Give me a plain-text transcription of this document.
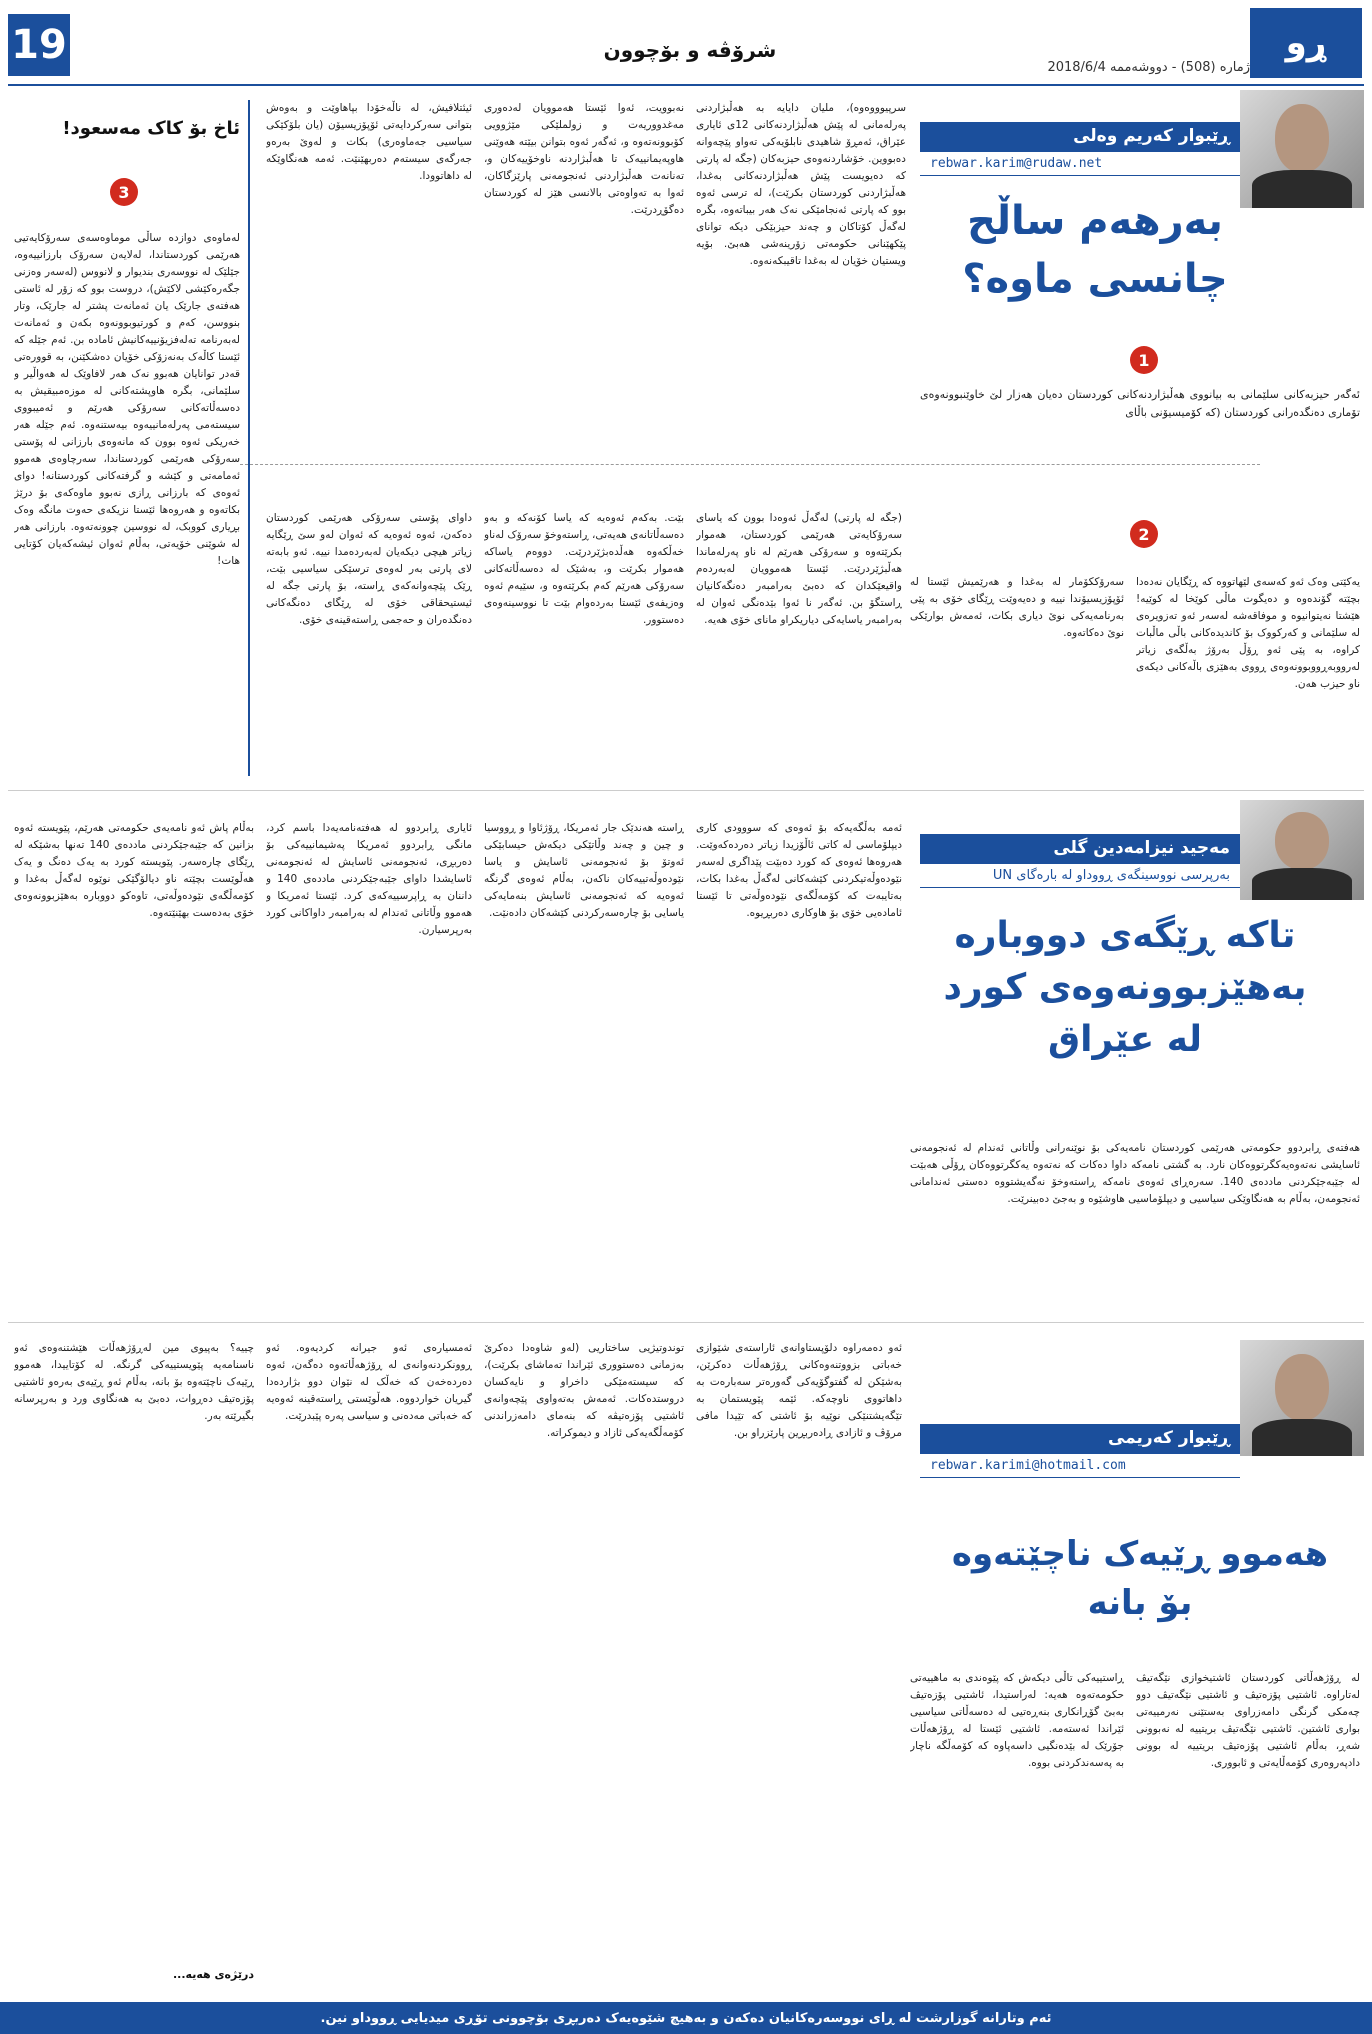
19	شرۆڤە و بۆچوون
ژمارە (508) - دووشەممە 2018/6/4
ړو
ڕێبوار کەریم وەلی
rebwar.karim@rudaw.net
بەرهەم ساڵح
چانسی ماوە؟
1
ئەگەر حیزبەکانی سلێمانی بە بیانووی هەڵبژاردنەکانی کوردستان دەیان هەزار لێ خاوێنبوونەوەی تۆماری دەنگدەرانی کوردستان (کە کۆمیسیۆنی باڵای
سرپیوووەوە)، ملیان دایایە بە هەڵبژاردنی پەرلەمانی لە پێش هەڵبژاردنەکانی 12ی ئایاری عێراق، ئەمڕۆ شاهیدی نابلۆیەکی تەواو پێچەوانە دەبووین. خۆشاردنەوەی حیزبەکان (جگە لە پارتی کە دەیویست پێش هەڵبژاردنەکانی بەغدا، هەڵبژاردنی کوردستان بکرێت)، لە ترسی ئەوە بوو کە پارتی ئەنجامێکی نەک هەر بیباتەوە، بگرە لەگەڵ کۆتاکان و چەند حیزبێکی دیکە توانای پێکهێنانی حکومەتی زۆرینەشی هەبێ. بۆیە ویستیان خۆیان لە بەغدا تاقیبکەنەوە.
نەبوویت، ئەوا ئێستا هەموویان لەدەوری مەغدووریەت و زولملێکی مێژوویی کۆبوونەتەوە و، ئەگەر ئەوە بتوانن بیێتە هەوێنی هاوپەیمانییەک تا هەڵبژاردنە ناوخۆییەکان و، تەنانەت هەڵبژاردنی ئەنجومەنی پارێزگاکان، ئەوا بە تەواوەتی بالانسی هێز لە کوردستان دەگۆڕدرێت.
ئیئتلافیش، لە ناڵەخۆدا بپاهاوێت و بەوەش بتوانی سەرکردایەتی ئۆپۆزیسیۆن (یان بلۆکێکی سیاسیی جەماوەری) بکات و لەوێ بەرەو جەرگەی سیستەم دەربهێنێت. ئەمە هەنگاوێکە لە داهاتوودا.
2
یەکێتی وەک ئەو کەسەی لێهاتووە کە ڕێگایان نەدەدا بچێتە گۆندەوە و دەیگوت ماڵی کوێخا لە کوێیە! هێشتا نەیتوانیوە و موفاقەشە لەسەر ئەو تەزویرەی لە سلێمانی و کەرکووک بۆ کاندیدەکانی باڵی ماڵبات کراوە، بە پێی ئەو ڕۆڵ بەرۆژ بەڵگەی زیاتر لەرووبەڕووبوونەوەی ڕووی بەهێزی باڵەکانی دیکەی ناو حیزب هەن.
سەرۆککۆمار لە بەغدا و هەرێمیش ئێستا لە ئۆپۆزیسیۆندا نییە و دەیەوێت ڕێگای خۆی بە پێی بەرنامەیەکی نوێ دیاری بکات، ئەمەش بوارێکی نوێ دەکاتەوە.
(جگە لە پارتی) لەگەڵ ئەوەدا بوون کە یاسای سەرۆکایەتی هەرێمی کوردستان، هەموار بکرێتەوە و سەرۆکی هەرێم لە ناو پەرلەماندا هەڵبژێردرێت. ئێستا هەموویان لەبەردەم واقیعێکدان کە دەبێ بەرامبەر دەنگەکانیان ڕاستگۆ بن. ئەگەر نا ئەوا بێدەنگی ئەوان لە بەرامبەر یاسایەکی دیاریکراو مانای خۆی هەیە.
بێت. بەکەم ئەوەیە کە یاسا کۆنەکە و بەو دەسەڵاتانەی هەیەتی، ڕاستەوخۆ سەرۆک لەناو خەڵکەوە هەڵدەبژێردرێت. دووەم یاساکە هەموار بکرێت و، بەشێک لە دەسەڵاتەکانی سەرۆکی هەرێم کەم بکرێتەوە و، سێیەم ئەوە وەزیفەی ئێستا بەردەوام بێت تا نووسینەوەی دەستوور.
داوای پۆستی سەرۆکی هەرێمی کوردستان دەکەن، ئەوە ئەوەیە کە ئەوان لەو سێ ڕێگایە زیاتر هیچی دیکەیان لەبەردەمدا نییە. ئەو بابەتە لای پارتی بەر لەوەی ترسێکی سیاسیی بێت، ڕێک پێچەوانەکەی ڕاستە، بۆ پارتی جگە لە ئیستیحقاقی خۆی لە ڕێگای دەنگەکانی دەنگدەران و حەجمی ڕاستەقینەی خۆی.
ئاخ بۆ کاک مەسعود!
3
لەماوەی دوازدە ساڵی موماوەسەی سەرۆکایەتیی هەرێمی کوردستاندا، لەلایەن سەرۆک بارزانییەوە، جێلێک لە نووسەری بندیوار و لانووس (لەسەر وەزنی جگەرەکێشی لاکێش)، دروست بوو کە زۆر لە ئاستی هەفتەی جارێک یان ئەمانەت پشتر لە جارێک، وتار بنووسن، کەم و کورتیوبوونەوە بکەن و ئەمانەت لەبەرنامە تەلەفزیۆنییەکانیش ئامادە بن. ئەم جێلە کە ئێستا کاڵەک بەنەزۆکی خۆیان دەشکێنن، بە قوورەتی قەدر توانایان هەبوو نەک هەر لافاوێک لە هەواڵیر و سلێمانی، بگرە هاوپشتەکانی لە موزەمبیقیش بە دەسەڵاتەکانی سەرۆکی هەرێم و ئەمیبووی سیستەمی پەرلەمانییەوە بیەستنەوە. ئەم جێلە هەر خەریکی ئەوە بوون کە مانەوەی بارزانی لە پۆستی سەرۆکی هەرێمی کوردستاندا، سەرچاوەی هەموو ئەمامەتی و کێشە و گرفتەکانی کوردستانە! دوای ئەوەی کە بارزانی ڕازی نەبوو ماوەکەی بۆ درێژ بکاتەوە و هەروەها ئێستا نزیکەی حەوت مانگە وەک بڕیاری کووبک، لە نووسین چوونەتەوە. بارزانی هەر لە شوێنی خۆیەتی، بەڵام ئەوان ئیشەکەیان کۆتایی هات!
مەجید نیزامەدین گلی
بەرپرسی نووسینگەی ڕووداو لە بارەگای UN
تاکە ڕێگەی دووبارە
بەهێزبوونەوەی کورد
لە عێراق
هەفتەی ڕابردوو حکومەتی هەرێمی کوردستان نامەیەکی بۆ نوێنەرانی وڵاتانی ئەندام لە ئەنجومەنی ئاسایشی نەتەوەیەکگرتووەکان نارد. بە گشتی نامەکە داوا دەکات کە نەتەوە یەکگرتووەکان ڕۆڵی هەبێت لە جێبەجێکردنی ماددەی 140. سەرەڕای ئەوەی نامەکە ڕاستەوخۆ نەگەیشتووە دەستی ئەندامانی ئەنجومەن، بەڵام بە هەنگاوێکی سیاسیی و دیپلۆماسیی هاوشێوە و بەجێ دەبینرێت.
ئەمە بەڵگەیەکە بۆ ئەوەی کە سووودی کاری دیپلۆماسی لە کاتی ئاڵۆزیدا زیاتر دەردەکەوێت. هەروەها ئەوەی کە کورد دەبێت پێداگری لەسەر نێودەوڵەتیکردنی کێشەکانی لەگەڵ بەغدا بکات، بەتایبەت کە کۆمەڵگەی نێودەوڵەتی تا ئێستا ئامادەیی خۆی بۆ هاوکاری دەربڕیوە.
ڕاستە هەندێک جار ئەمریکا، ڕۆژئاوا و ڕووسیا و چین و چەند وڵاتێکی دیکەش حیسابێکی ئەوتۆ بۆ ئەنجومەنی ئاسایش و یاسا نێودەوڵەتییەکان ناکەن، بەڵام ئەوەی گرنگە ئەوەیە کە ئەنجومەنی ئاسایش بنەمایەکی یاسایی بۆ چارەسەرکردنی کێشەکان دادەنێت.
ئایاری ڕابردوو لە هەفتەنامەیەدا باسم کرد، مانگی ڕابردوو ئەمریکا پەشیمانییەکی بۆ دەربڕی، ئەنجومەنی ئاسایش لە ئەنجومەنی ئاسایشدا داوای جێبەجێکردنی ماددەی 140 و داننان بە ڕاپرسییەکەی کرد. ئێستا ئەمریکا و هەموو وڵاتانی ئەندام لە بەرامبەر داواکانی کورد بەرپرسیارن.
بەڵام پاش ئەو نامەیەی حکومەتی هەرێم، پێویستە ئەوە بزانین کە جێبەجێکردنی ماددەی 140 تەنها بەشێکە لە ڕێگای چارەسەر. پێویستە کورد بە یەک دەنگ و یەک هەڵوێست بچێتە ناو دیالۆگێکی نوێوە لەگەڵ بەغدا و کۆمەڵگەی نێودەوڵەتی، تاوەکو دووبارە بەهێزبوونەوەی خۆی بەدەست بهێنێتەوە.
ڕێبوار کەریمی
rebwar.karimi@hotmail.com
هەموو ڕێیەک ناچێتەوە
بۆ بانە
لە ڕۆژهەڵاتی کوردستان ئاشتیخوازی نێگەتیڤ لەتاراوە. ئاشتیی پۆزەتیڤ و ئاشتیی نێگەتیڤ دوو چەمکی گرنگی دامەزراوی بەستێنی نەرمییەتی بواری ئاشتین. ئاشتیی نێگەتیڤ بریتییە لە نەبوونی شەڕ، بەڵام ئاشتیی پۆزەتیڤ بریتییە لە بوونی دادپەروەری کۆمەڵایەتی و ئابووری.
ڕاستییەکی تاڵی دیکەش کە پێوەندی بە ماهییەتی حکومەتەوە هەیە: لەراستیدا، ئاشتیی پۆزەتیڤ بەبێ گۆڕانکاری بنەڕەتیی لە دەسەڵاتی سیاسیی ئێراندا ئەستەمە. ئاشتیی ئێستا لە ڕۆژهەڵات جۆرێک لە بێدەنگیی داسەپاوە کە کۆمەڵگە ناچار بە پەسەندکردنی بووە.
ئەو دەمەراوە دلۆپستاوانەی ئاراستەی شێوازی خەباتی بزووتنەوەکانی ڕۆژهەڵات دەکرێن، بەشێکن لە گفتوگۆیەکی گەورەتر سەبارەت بە داهاتووی ناوچەکە. ئێمە پێویستمان بە تێگەیشتنێکی نوێیە بۆ ئاشتی کە تێیدا مافی مرۆڤ و ئازادی ڕادەربڕین پارێزراو بن.
توندوتیژیی ساختاریی (لەو شاوەدا دەکرێ بەزمانی دەستووری ئێراندا تەماشای بکرێت)، کە سیستەمێکی داخراو و نایەکسان دروستدەکات. ئەمەش بەتەواوی پێچەوانەی ئاشتیی پۆزەتیڤە کە بنەمای دامەزراندنی کۆمەڵگەیەکی ئازاد و دیموکراتە.
ئەمسیارەی ئەو جیرانە کردیەوە. ئەو ڕوونکردنەوانەی لە ڕۆژهەڵاتەوە دەگەن، ئەوە دەردەخەن کە خەڵک لە نێوان دوو بژاردەدا گیریان خواردووە. هەڵوێستی ڕاستەقینە ئەوەیە کە خەباتی مەدەنی و سیاسی پەرە پێبدرێت.
چییە؟ بەپیوی مین لەڕۆژهەڵات هێشتنەوەی ئەو ناسنامەیە پێویستییەکی گرنگە. لە کۆتاییدا، هەموو ڕێیەک ناچێتەوە بۆ بانە، بەڵام ئەو ڕێیەی بەرەو ئاشتیی پۆزەتیڤ دەڕوات، دەبێ بە هەنگاوی ورد و بەرپرسانە بگیرێتە بەر.
درێژەی هەیە...
ئەم وتارانە گوزارشت لە ڕای نووسەرەکانیان دەکەن و بەهیچ شێوەیەک دەربڕی بۆچوونی تۆڕی میدیایی ڕووداو نین.
